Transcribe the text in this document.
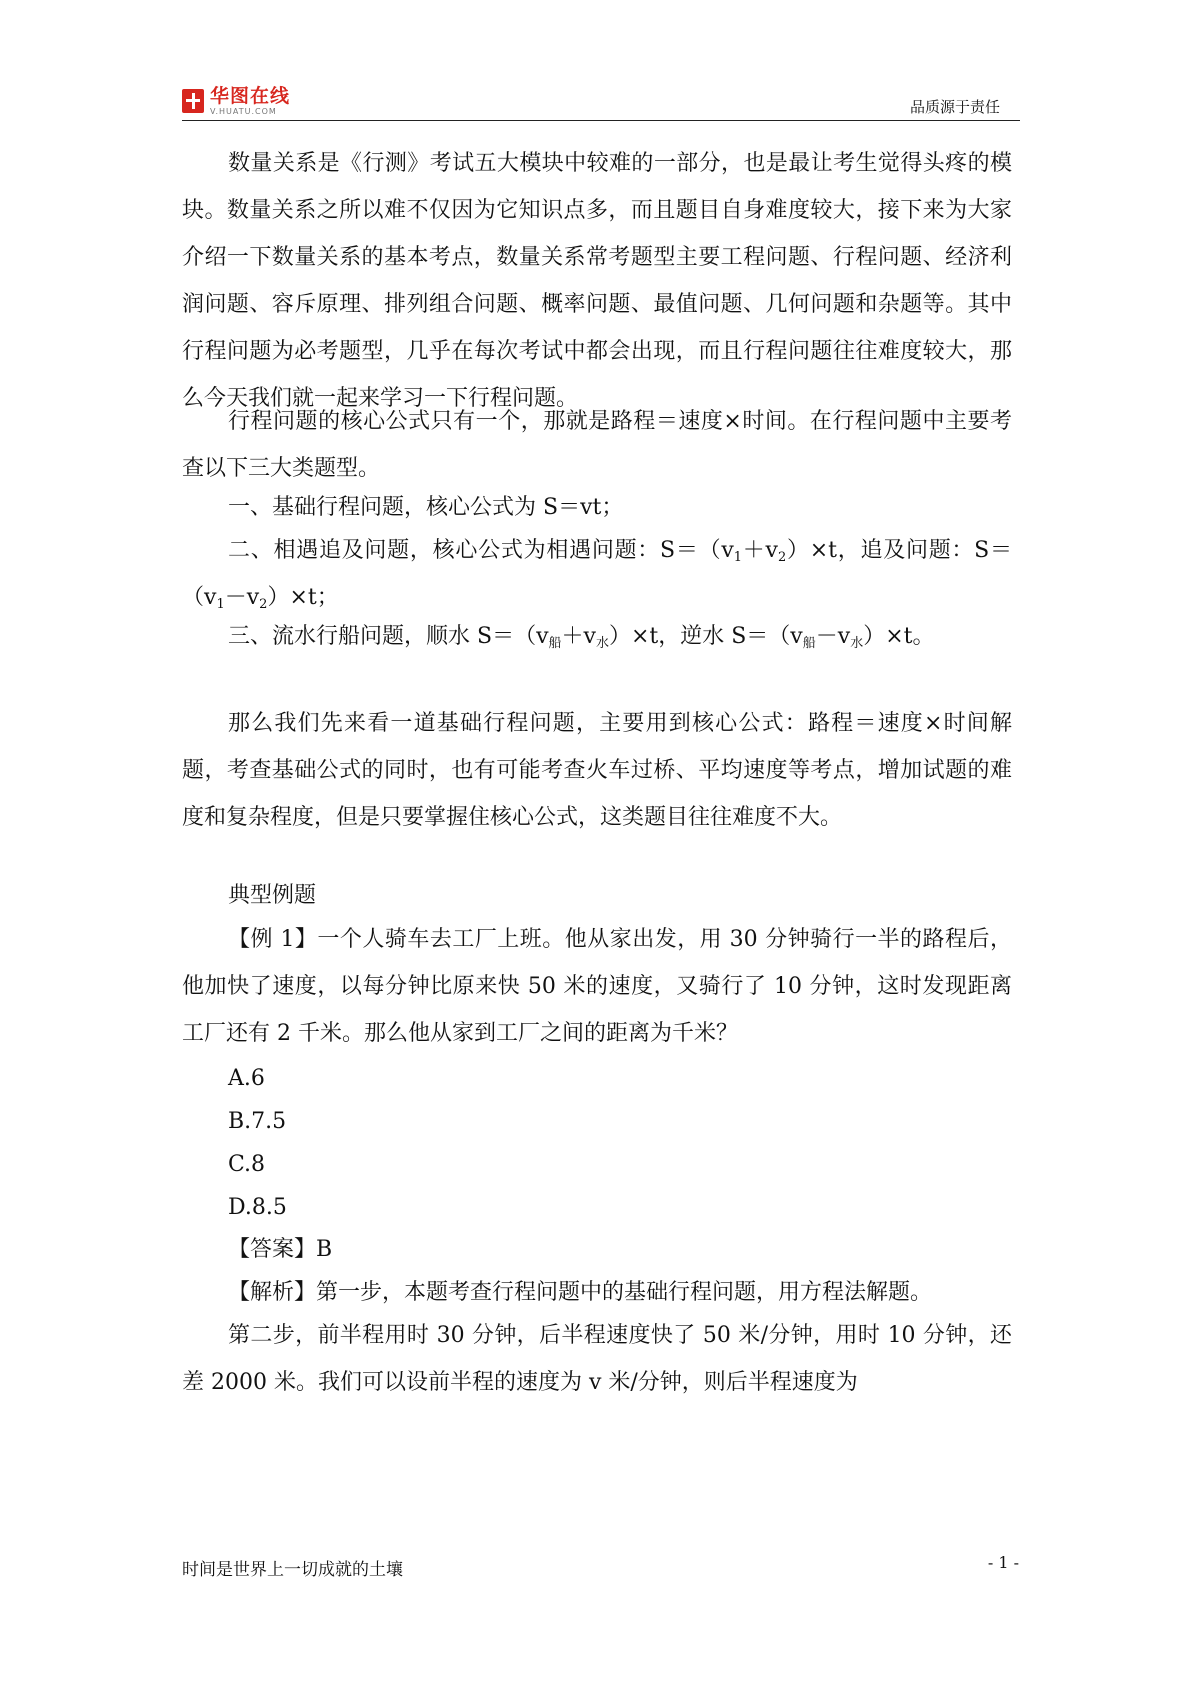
华图在线
V.HUATU.COM	品质源于责任

数量关系是《行测》考试五大模块中较难的一部分，也是最让考生觉得头疼的模块。数量关系之所以难不仅因为它知识点多，而且题目自身难度较大，接下来为大家介绍一下数量关系的基本考点，数量关系常考题型主要工程问题、行程问题、经济利润问题、容斥原理、排列组合问题、概率问题、最值问题、几何问题和杂题等。其中行程问题为必考题型，几乎在每次考试中都会出现，而且行程问题往往难度较大，那么今天我们就一起来学习一下行程问题。

行程问题的核心公式只有一个，那就是路程＝速度×时间。在行程问题中主要考查以下三大类题型。

一、基础行程问题，核心公式为 S＝vt；

二、相遇追及问题，核心公式为相遇问题：$S=(v_1+v_2)\times t$，追及问题：$S=(v_1-v_2)\times t$；

三、流水行船问题，顺水 $S=(v_船+v_水)\times t$，逆水 $S=(v_船-v_水)\times t$。

那么我们先来看一道基础行程问题，主要用到核心公式：路程＝速度×时间解题，考查基础公式的同时，也有可能考查火车过桥、平均速度等考点，增加试题的难度和复杂程度，但是只要掌握住核心公式，这类题目往往难度不大。

典型例题

【例 1】一个人骑车去工厂上班。他从家出发，用 30 分钟骑行一半的路程后，他加快了速度，以每分钟比原来快 50 米的速度，又骑行了 10 分钟，这时发现距离工厂还有 2 千米。那么他从家到工厂之间的距离为千米？

A.6

B.7.5

C.8

D.8.5

【答案】B

【解析】第一步，本题考查行程问题中的基础行程问题，用方程法解题。

第二步，前半程用时 30 分钟，后半程速度快了 50 米/分钟，用时 10 分钟，还差 2000 米。我们可以设前半程的速度为 v 米/分钟，则后半程速度为

时间是世界上一切成就的土壤	- 1 -
